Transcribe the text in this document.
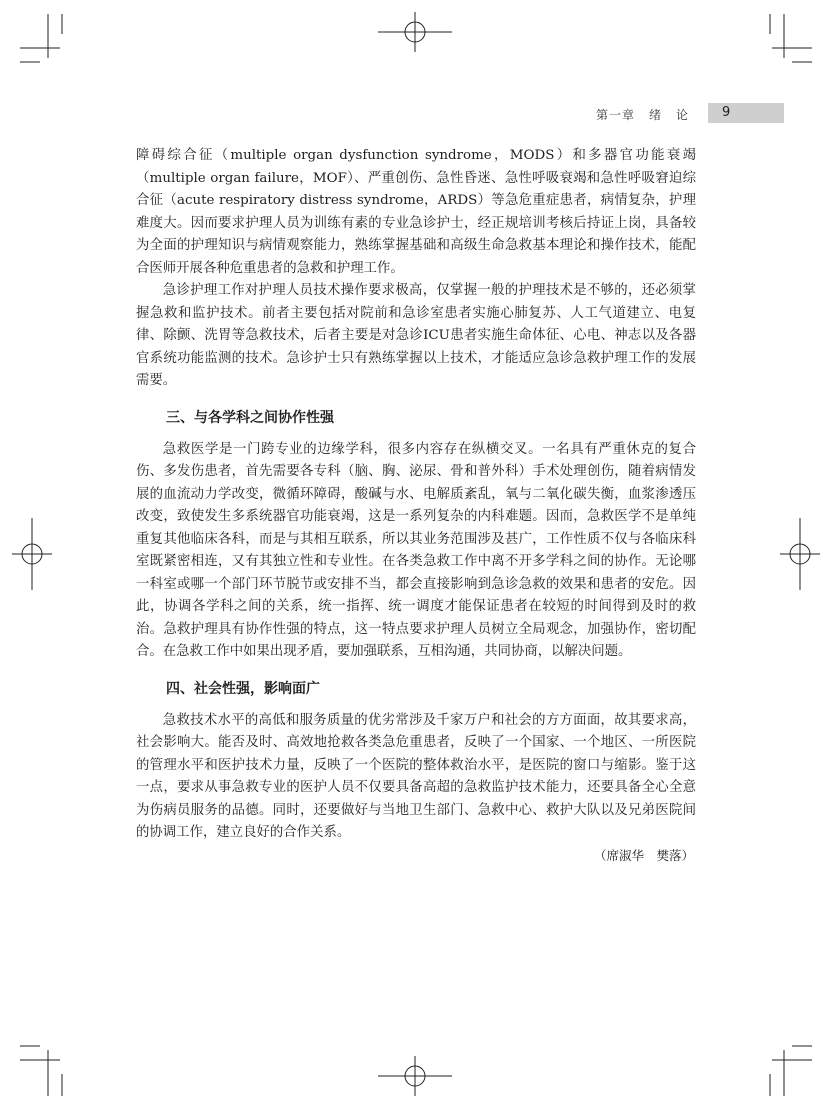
第一章 绪 论	9

障碍综合征（multiple organ dysfunction syndrome，MODS）和多器官功能衰竭（multiple organ failure，MOF）、严重创伤、急性昏迷、急性呼吸衰竭和急性呼吸窘迫综合征（acute respiratory distress syndrome，ARDS）等急危重症患者，病情复杂，护理难度大。因而要求护理人员为训练有素的专业急诊护士，经正规培训考核后持证上岗，具备较为全面的护理知识与病情观察能力，熟练掌握基础和高级生命急救基本理论和操作技术，能配合医师开展各种危重患者的急救和护理工作。

急诊护理工作对护理人员技术操作要求极高，仅掌握一般的护理技术是不够的，还必须掌握急救和监护技术。前者主要包括对院前和急诊室患者实施心肺复苏、人工气道建立、电复律、除颤、洗胃等急救技术，后者主要是对急诊ICU患者实施生命体征、心电、神志以及各器官系统功能监测的技术。急诊护士只有熟练掌握以上技术，才能适应急诊急救护理工作的发展需要。

三、与各学科之间协作性强

急救医学是一门跨专业的边缘学科，很多内容存在纵横交叉。一名具有严重休克的复合伤、多发伤患者，首先需要各专科（脑、胸、泌尿、骨和普外科）手术处理创伤，随着病情发展的血流动力学改变，微循环障碍，酸碱与水、电解质紊乱，氧与二氧化碳失衡，血浆渗透压改变，致使发生多系统器官功能衰竭，这是一系列复杂的内科难题。因而，急救医学不是单纯重复其他临床各科，而是与其相互联系，所以其业务范围涉及甚广，工作性质不仅与各临床科室既紧密相连，又有其独立性和专业性。在各类急救工作中离不开多学科之间的协作。无论哪一科室或哪一个部门环节脱节或安排不当，都会直接影响到急诊急救的效果和患者的安危。因此，协调各学科之间的关系，统一指挥、统一调度才能保证患者在较短的时间得到及时的救治。急救护理具有协作性强的特点，这一特点要求护理人员树立全局观念，加强协作，密切配合。在急救工作中如果出现矛盾，要加强联系，互相沟通，共同协商，以解决问题。

四、社会性强，影响面广

急救技术水平的高低和服务质量的优劣常涉及千家万户和社会的方方面面，故其要求高，社会影响大。能否及时、高效地抢救各类急危重患者，反映了一个国家、一个地区、一所医院的管理水平和医护技术力量，反映了一个医院的整体救治水平，是医院的窗口与缩影。鉴于这一点，要求从事急救专业的医护人员不仅要具备高超的急救监护技术能力，还要具备全心全意为伤病员服务的品德。同时，还要做好与当地卫生部门、急救中心、救护大队以及兄弟医院间的协调工作，建立良好的合作关系。

（席淑华　樊落）
